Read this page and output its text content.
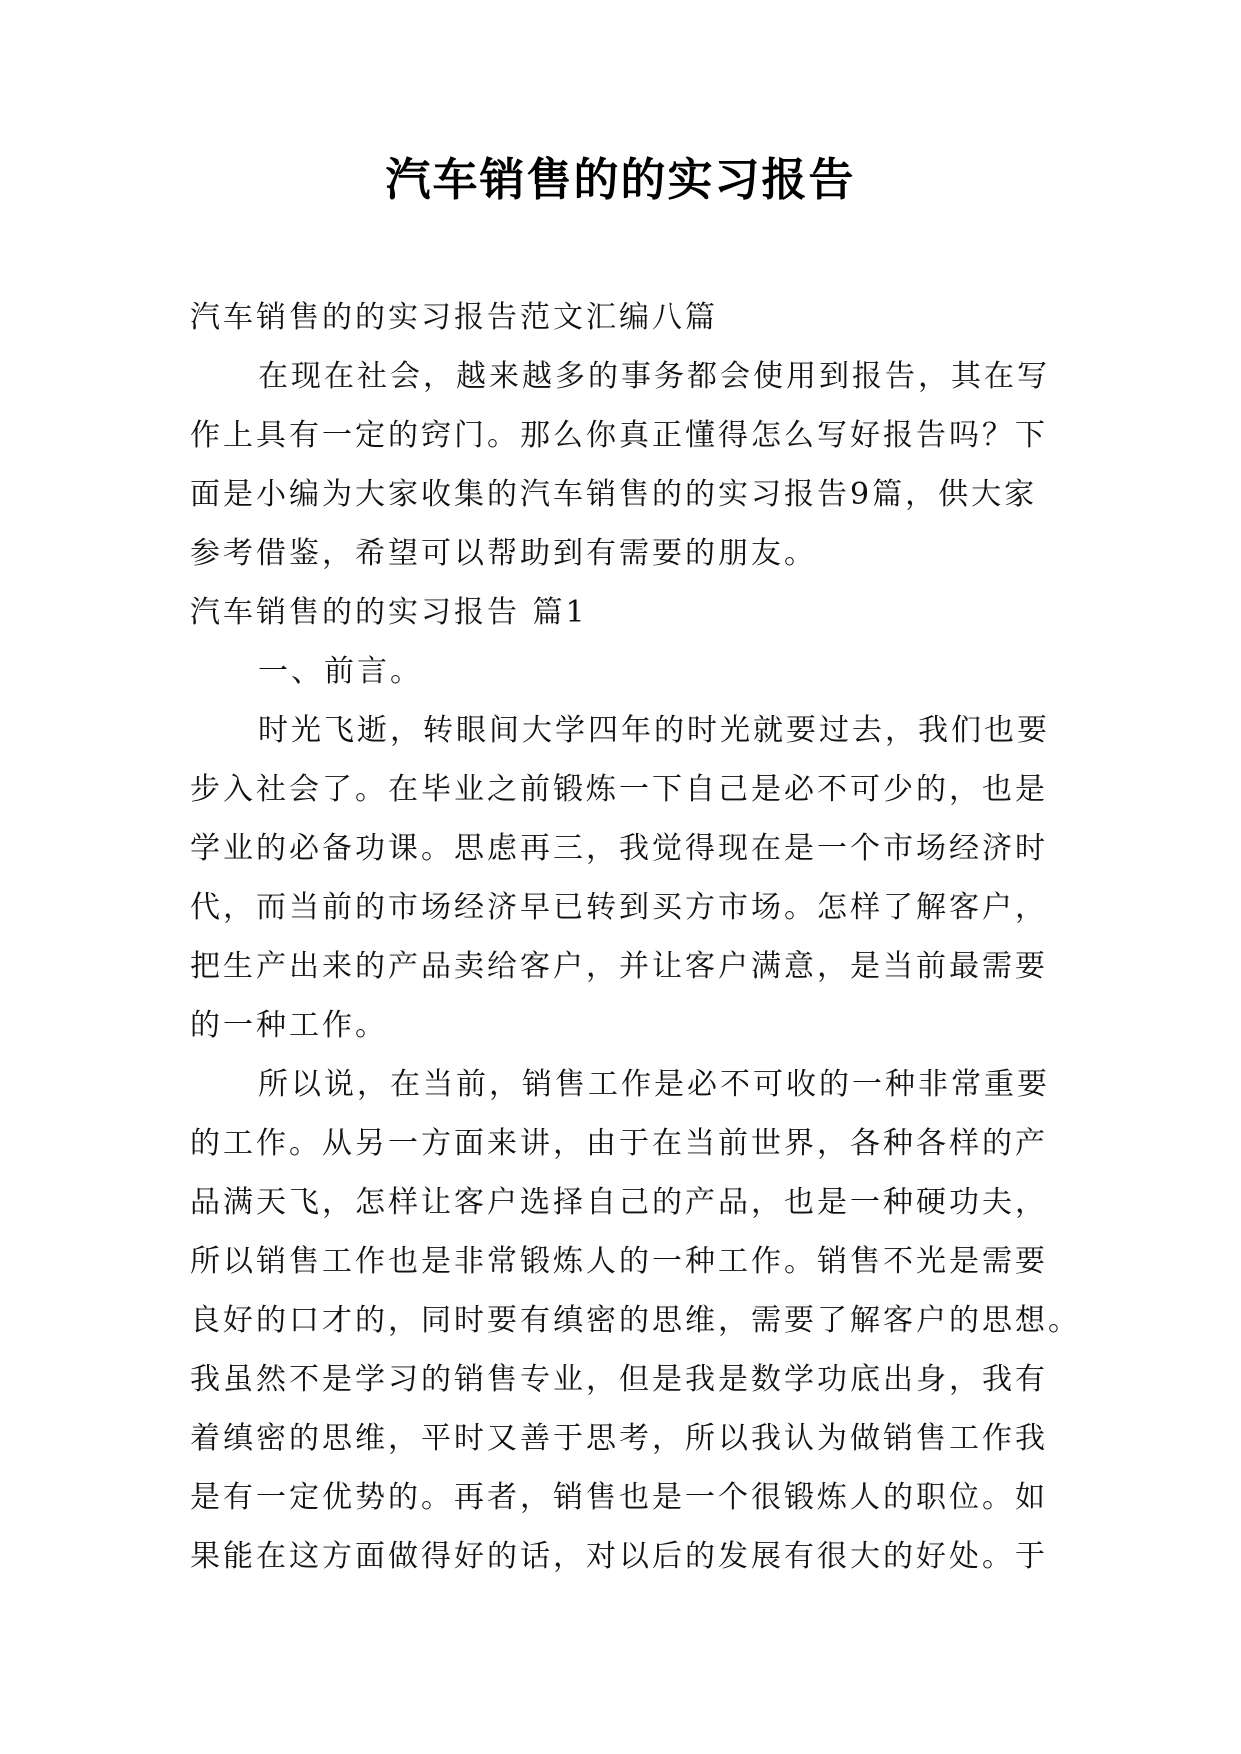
汽车销售的的实习报告
汽车销售的的实习报告范文汇编八篇
在现在社会，越来越多的事务都会使用到报告，其在写
作上具有一定的窍门。那么你真正懂得怎么写好报告吗？下
面是小编为大家收集的汽车销售的的实习报告9篇，供大家
参考借鉴，希望可以帮助到有需要的朋友。
汽车销售的的实习报告 篇1
一、前言。
时光飞逝，转眼间大学四年的时光就要过去，我们也要
步入社会了。在毕业之前锻炼一下自己是必不可少的，也是
学业的必备功课。思虑再三，我觉得现在是一个市场经济时
代，而当前的市场经济早已转到买方市场。怎样了解客户，
把生产出来的产品卖给客户，并让客户满意，是当前最需要
的一种工作。
所以说，在当前，销售工作是必不可收的一种非常重要
的工作。从另一方面来讲，由于在当前世界，各种各样的产
品满天飞，怎样让客户选择自己的产品，也是一种硬功夫，
所以销售工作也是非常锻炼人的一种工作。销售不光是需要
良好的口才的，同时要有缜密的思维，需要了解客户的思想。
我虽然不是学习的销售专业，但是我是数学功底出身，我有
着缜密的思维，平时又善于思考，所以我认为做销售工作我
是有一定优势的。再者，销售也是一个很锻炼人的职位。如
果能在这方面做得好的话，对以后的发展有很大的好处。于
